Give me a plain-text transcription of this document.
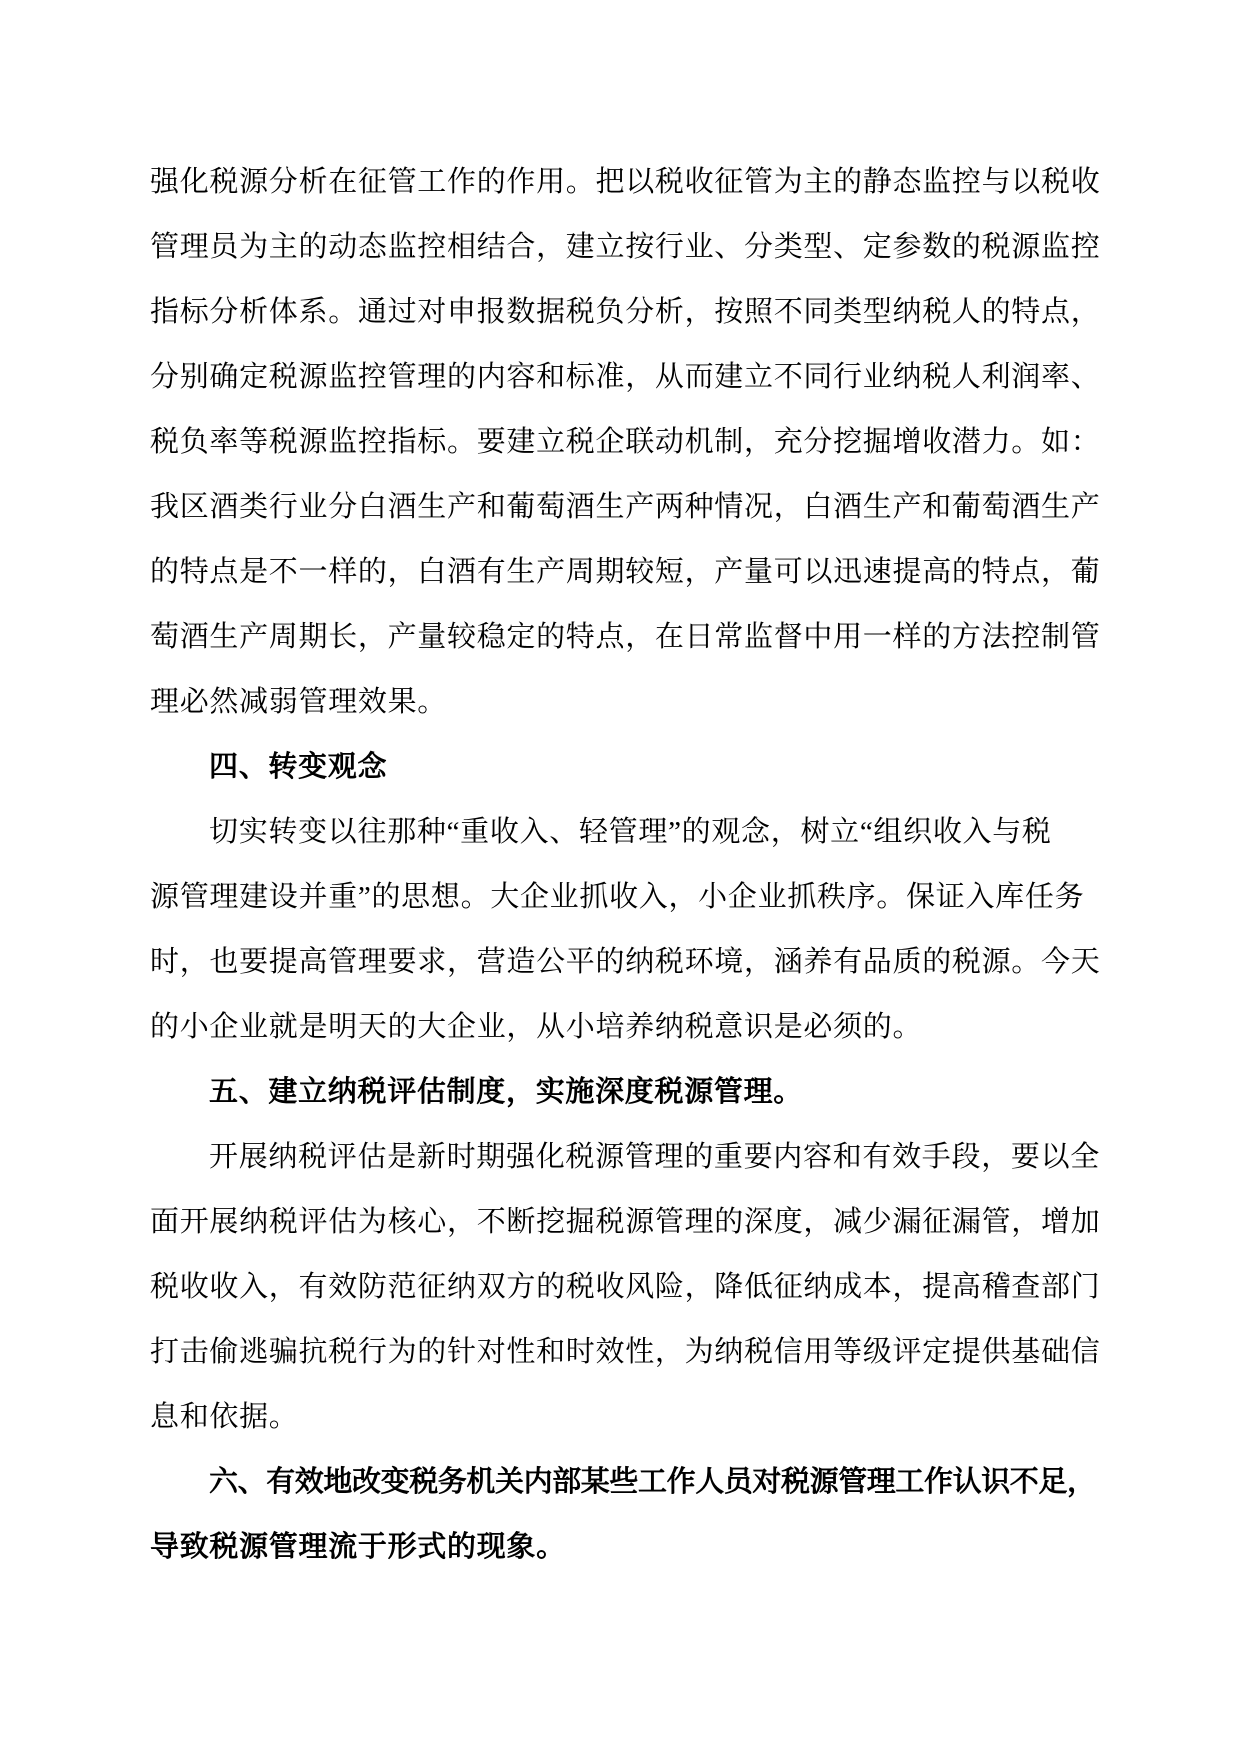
强化税源分析在征管工作的作用。把以税收征管为主的静态监控与以税收
管理员为主的动态监控相结合，建立按行业、分类型、定参数的税源监控
指标分析体系。通过对申报数据税负分析，按照不同类型纳税人的特点，
分别确定税源监控管理的内容和标准，从而建立不同行业纳税人利润率、
税负率等税源监控指标。要建立税企联动机制，充分挖掘增收潜力。如：
我区酒类行业分白酒生产和葡萄酒生产两种情况，白酒生产和葡萄酒生产
的特点是不一样的，白酒有生产周期较短，产量可以迅速提高的特点，葡
萄酒生产周期长，产量较稳定的特点，在日常监督中用一样的方法控制管
理必然减弱管理效果。
四、转变观念
切实转变以往那种“重收入、轻管理”的观念，树立“组织收入与税
源管理建设并重”的思想。大企业抓收入，小企业抓秩序。保证入库任务
时，也要提高管理要求，营造公平的纳税环境，涵养有品质的税源。今天
的小企业就是明天的大企业，从小培养纳税意识是必须的。
五、建立纳税评估制度，实施深度税源管理。
开展纳税评估是新时期强化税源管理的重要内容和有效手段，要以全
面开展纳税评估为核心，不断挖掘税源管理的深度，减少漏征漏管，增加
税收收入，有效防范征纳双方的税收风险，降低征纳成本，提高稽查部门
打击偷逃骗抗税行为的针对性和时效性，为纳税信用等级评定提供基础信
息和依据。
六、有效地改变税务机关内部某些工作人员对税源管理工作认识不足，
导致税源管理流于形式的现象。
